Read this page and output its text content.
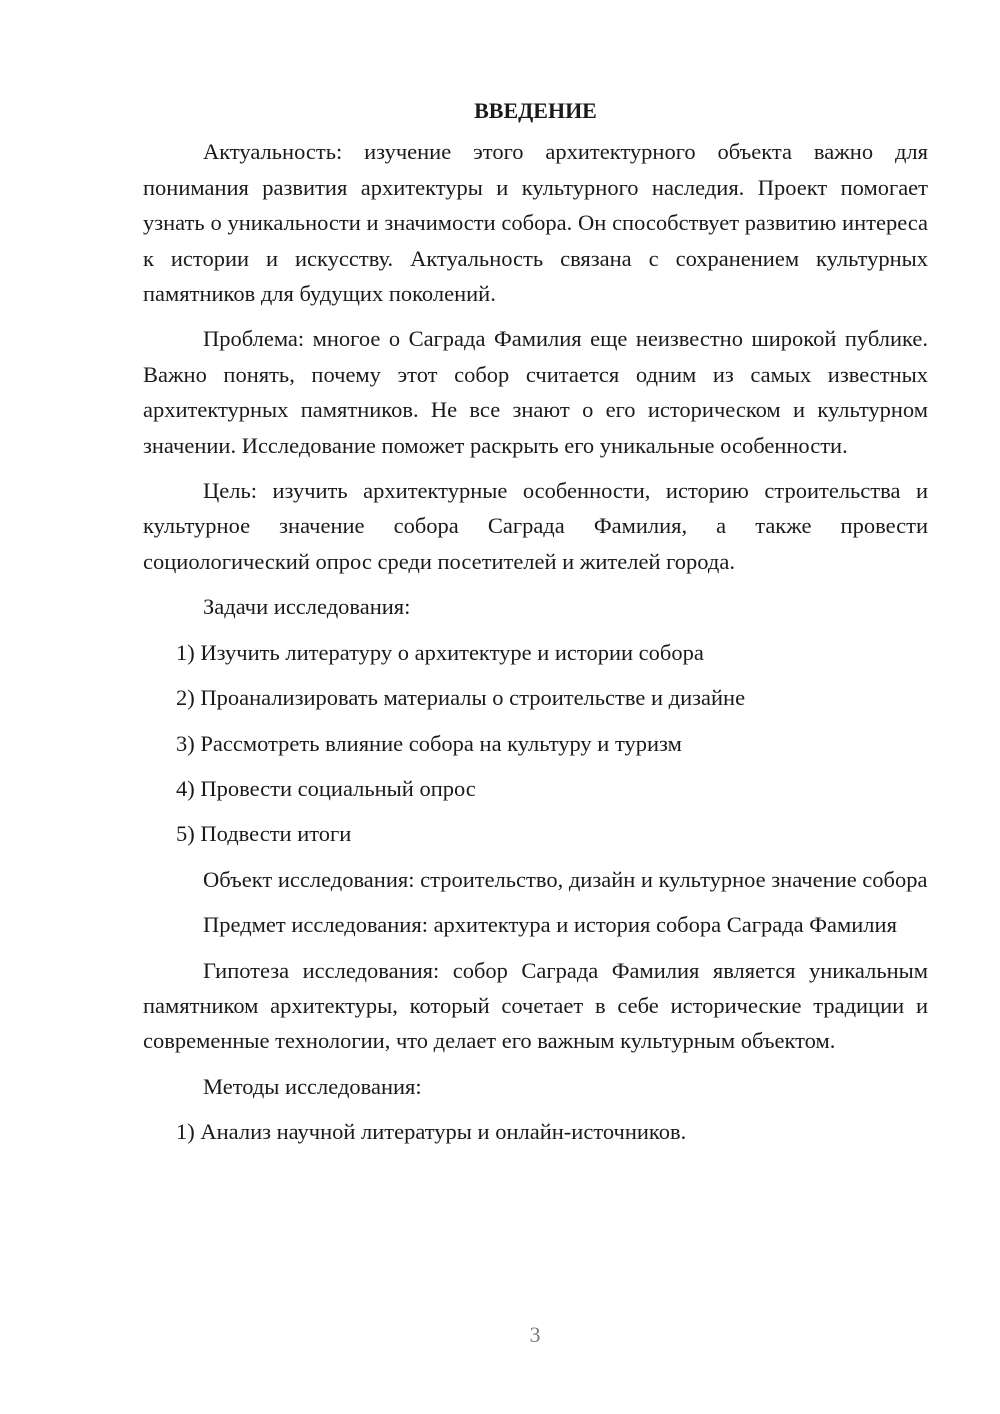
ВВЕДЕНИЕ

Актуальность: изучение этого архитектурного объекта важно для понимания развития архитектуры и культурного наследия. Проект помогает узнать о уникальности и значимости собора. Он способствует развитию интереса к истории и искусству. Актуальность связана с сохранением культурных памятников для будущих поколений.

Проблема: многое о Саграда Фамилия еще неизвестно широкой публике. Важно понять, почему этот собор считается одним из самых известных архитектурных памятников. Не все знают о его историческом и культурном значении. Исследование поможет раскрыть его уникальные особенности.

Цель: изучить архитектурные особенности, историю строительства и культурное значение собора Саграда Фамилия, а также провести социологический опрос среди посетителей и жителей города.

Задачи исследования:

1) Изучить литературу о архитектуре и истории собора
2) Проанализировать материалы о строительстве и дизайне
3) Рассмотреть влияние собора на культуру и туризм
4) Провести социальный опрос
5) Подвести итоги

Объект исследования: строительство, дизайн и культурное значение собора

Предмет исследования: архитектура и история собора Саграда Фамилия

Гипотеза исследования: собор Саграда Фамилия является уникальным памятником архитектуры, который сочетает в себе исторические традиции и современные технологии, что делает его важным культурным объектом.

Методы исследования:

1) Анализ научной литературы и онлайн-источников.
3
